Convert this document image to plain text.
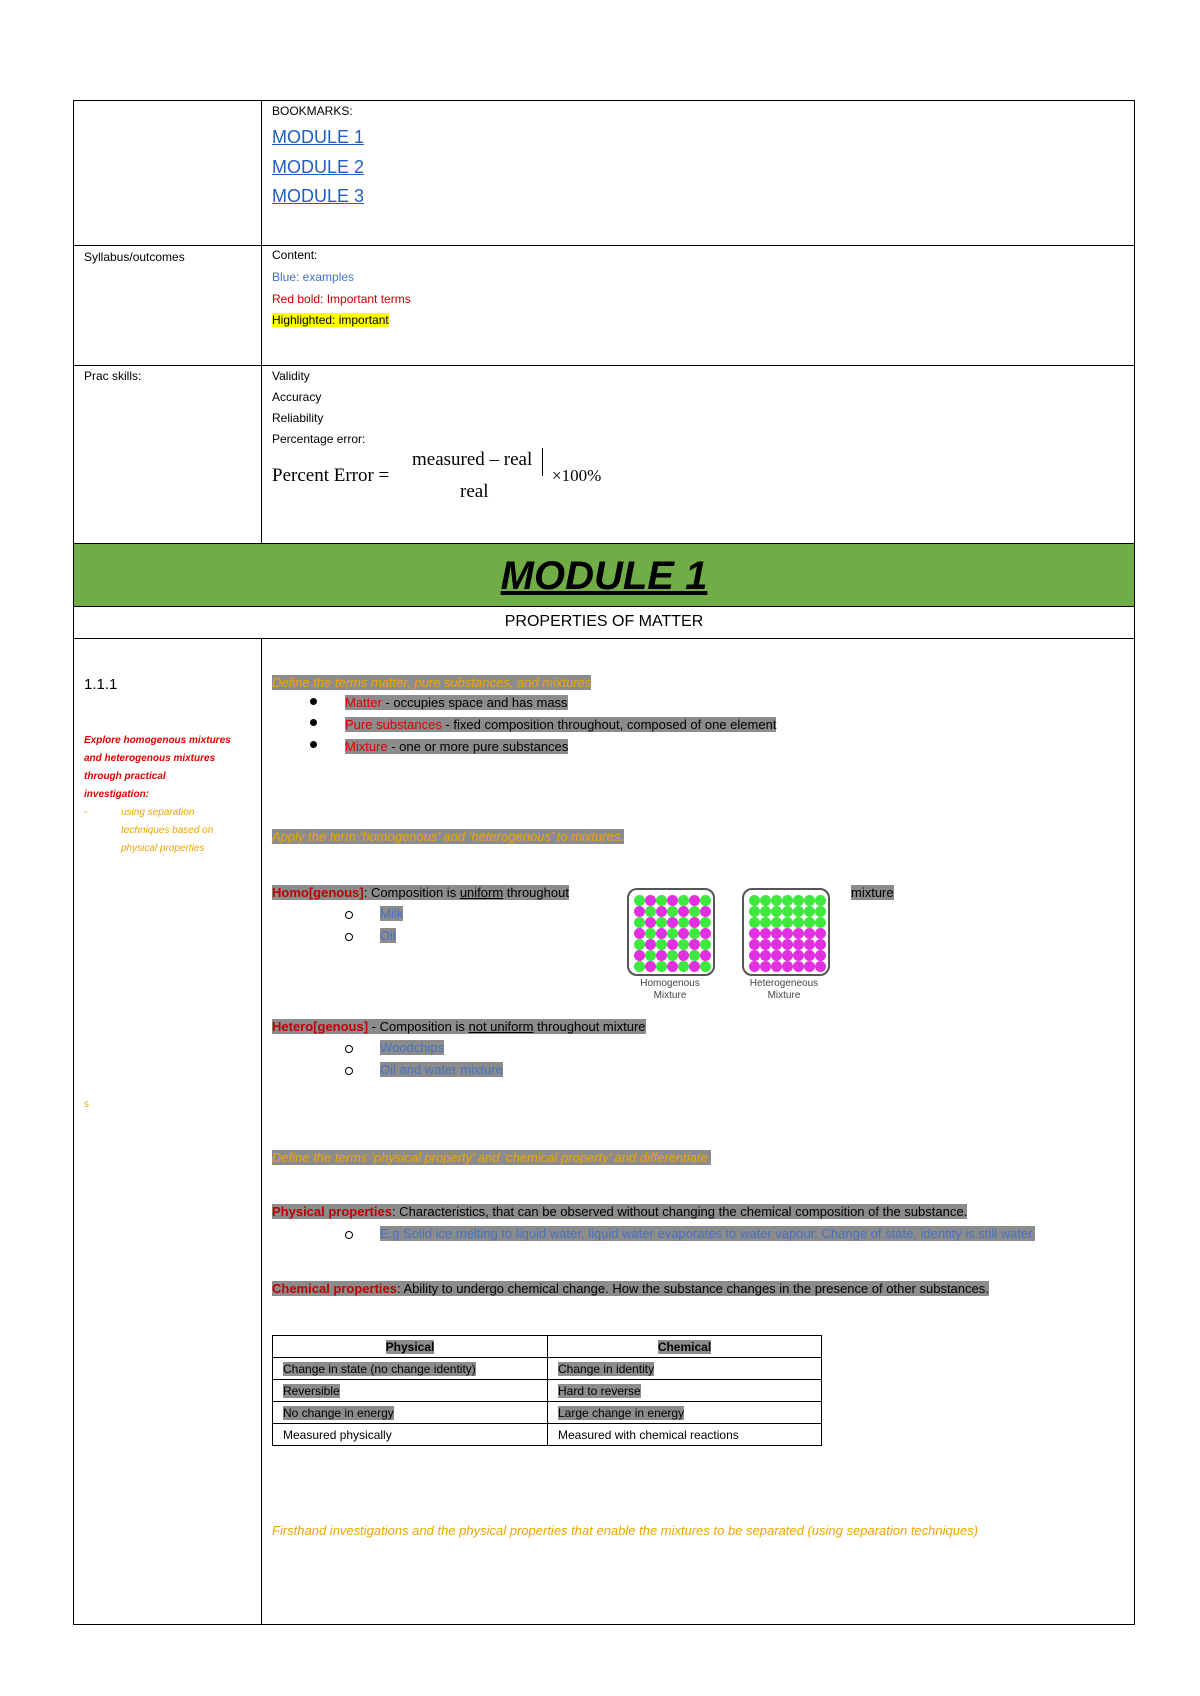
BOOKMARKS:
MODULE 1
MODULE 2
MODULE 3
Syllabus/outcomes	Content:
Blue: examples
Red bold: Important terms
Highlighted: important
Prac skills:	Validity
Accuracy
Reliability
Percentage error:
Percent Error =
measured – real
real
×100%
MODULE 1
PROPERTIES OF MATTER
1.1.1
Explore homogenous mixtures
and heterogenous mixtures
through practical
investigation:
-	using separation
techniques based on
physical properties
s
Define the terms matter, pure substances, and mixtures
Matter - occupies space and has mass
Pure substances - fixed composition throughout, composed of one element
Mixture - one or more pure substances
Apply the term ‘homogenous’ and ‘heterogenous’ to mixtures.
Homo[genous]: Composition is uniform throughout	mixture
Milk
Oil
Homogenous
Mixture
Heterogeneous
Mixture
Hetero[genous] - Composition is not uniform throughout mixture
Woodchips
Oil and water mixture
Define the terms ‘physical property’ and ‘chemical property’ and differentiate.
Physical properties: Characteristics, that can be observed without changing the chemical composition of the substance.
E.g Solid ice melting to liquid water, liquid water evaporates to water vapour. Change of state, identity is still water.
Chemical properties: Ability to undergo chemical change. How the substance changes in the presence of other substances.
Physical	Chemical
Change in state (no change identity)	Change in identity
Reversible	Hard to reverse
No change in energy	Large change in energy
Measured physically	Measured with chemical reactions
Firsthand investigations and the physical properties that enable the mixtures to be separated (using separation techniques)
